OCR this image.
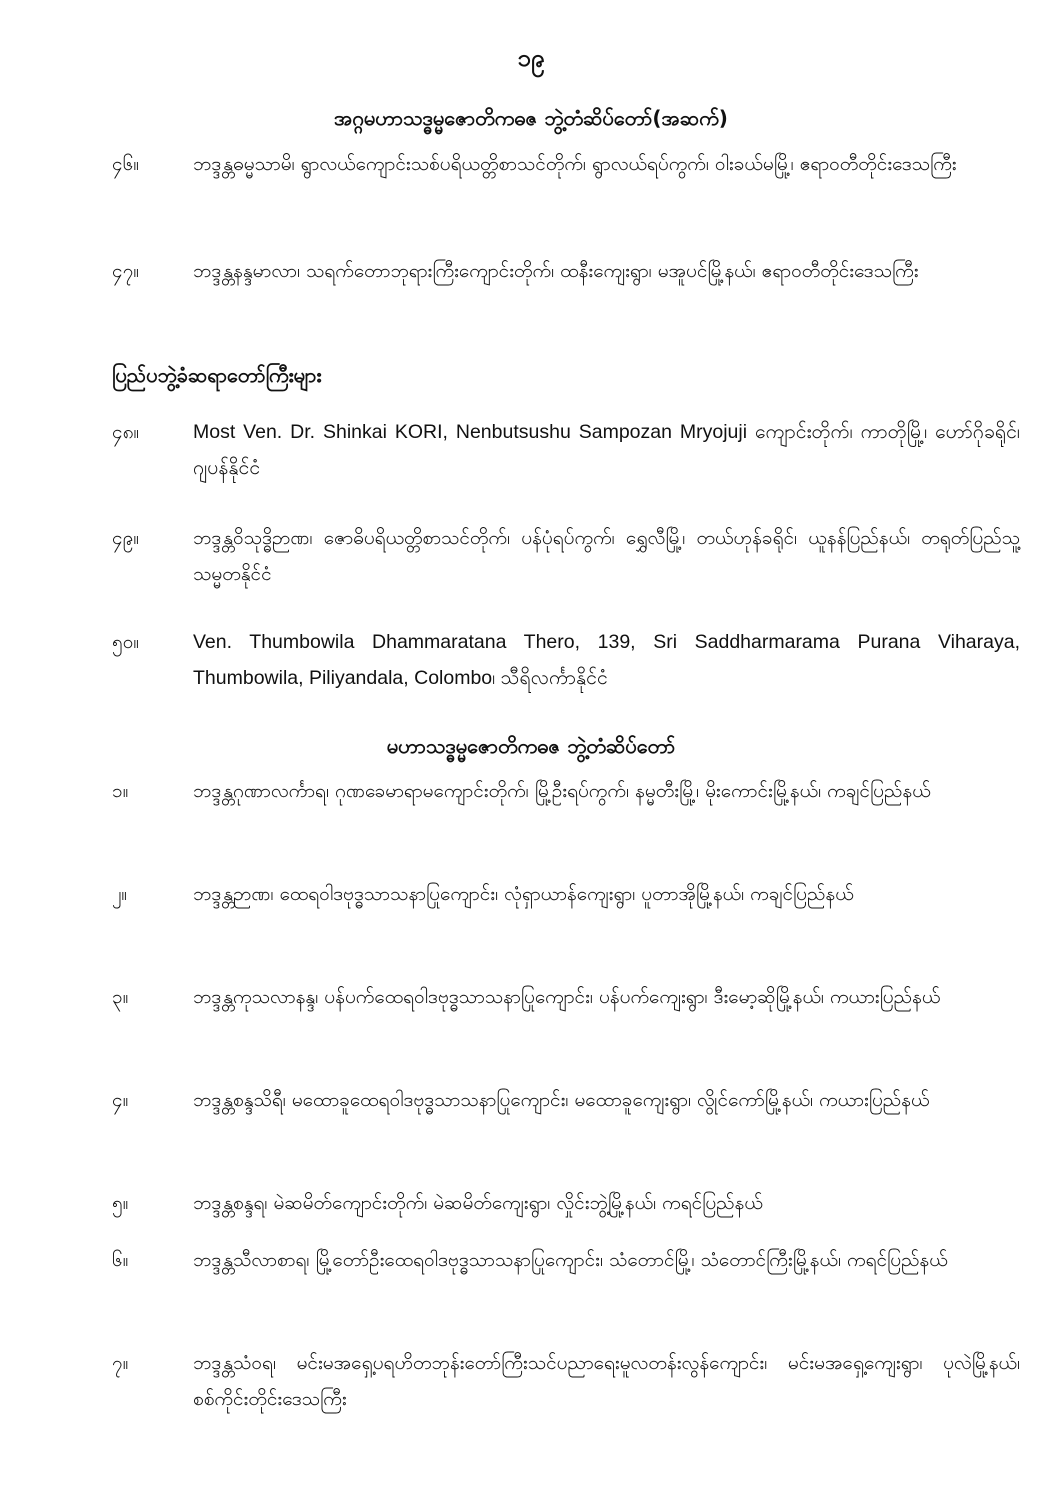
၁၉
အဂ္ဂမဟာသဒ္ဓမ္မဇောတိကဓဇ ဘွဲ့တံဆိပ်တော်(အဆက်)
၄၆။	ဘဒ္ဒန္တဓမ္မသာမိ၊ ရွာလယ်ကျောင်းသစ်ပရိယတ္တိစာသင်တိုက်၊ ရွာလယ်ရပ်ကွက်၊ ဝါးခယ်မမြို့၊ ဧရာဝတီတိုင်းဒေသကြီး
၄၇။	ဘဒ္ဒန္တနန္ဒမာလာ၊ သရက်တောဘုရားကြီးကျောင်းတိုက်၊ ထနီးကျေးရွာ၊ မအူပင်မြို့နယ်၊ ဧရာဝတီတိုင်းဒေသကြီး
ပြည်ပဘွဲ့ခံဆရာတော်ကြီးများ
၄၈။	Most Ven. Dr. Shinkai KORI, Nenbutsushu Sampozan Mryojuji ကျောင်းတိုက်၊ ကာတိုမြို့၊ ဟော်ဂိုခရိုင်၊ ဂျပန်နိုင်ငံ
၄၉။	ဘဒ္ဒန္တဝိသုဒ္ဓိဉာဏ၊ ဇောဓိပရိယတ္တိစာသင်တိုက်၊ ပန်ပုံရပ်ကွက်၊ ရွှေလီမြို့၊ တယ်ဟုန်ခရိုင်၊ ယူနန်ပြည်နယ်၊ တရုတ်ပြည်သူ့သမ္မတနိုင်ငံ
၅၀။	Ven. Thumbowila Dhammaratana Thero, 139, Sri Saddharmarama Purana Viharaya, Thumbowila, Piliyandala, Colombo၊ သီရိလင်္ကာနိုင်ငံ
မဟာသဒ္ဓမ္မဇောတိကဓဇ ဘွဲ့တံဆိပ်တော်
၁။	ဘဒ္ဒန္တဂုဏာလင်္ကာရ၊ ဂုဏခေမာရာမကျောင်းတိုက်၊ မြို့ဦးရပ်ကွက်၊ နမ္မတီးမြို့၊ မိုးကောင်းမြို့နယ်၊ ကချင်ပြည်နယ်
၂။	ဘဒ္ဒန္တဉာဏ၊ ထေရဝါဒဗုဒ္ဓသာသနာပြုကျောင်း၊ လုံရှာယာန်ကျေးရွာ၊ ပူတာအိုမြို့နယ်၊ ကချင်ပြည်နယ်
၃။	ဘဒ္ဒန္တကုသလာနန္ဒ၊ ပန်ပက်ထေရဝါဒဗုဒ္ဓသာသနာပြုကျောင်း၊ ပန်ပက်ကျေးရွာ၊ ဒီးမော့ဆိုမြို့နယ်၊ ကယားပြည်နယ်
၄။	ဘဒ္ဒန္တစန္ဒသိရီ၊ မထောခူထေရဝါဒဗုဒ္ဓသာသနာပြုကျောင်း၊ မထောခူကျေးရွာ၊ လွိုင်ကော်မြို့နယ်၊ ကယားပြည်နယ်
၅။	ဘဒ္ဒန္တစန္ဒရ၊ မဲဆမိတ်ကျောင်းတိုက်၊ မဲဆမိတ်ကျေးရွာ၊ လှိုင်းဘွဲ့မြို့နယ်၊ ကရင်ပြည်နယ်
၆။	ဘဒ္ဒန္တသီလာစာရ၊ မြို့တော်ဦးထေရဝါဒဗုဒ္ဓသာသနာပြုကျောင်း၊ သံတောင်မြို့၊ သံတောင်ကြီးမြို့နယ်၊ ကရင်ပြည်နယ်
၇။	ဘဒ္ဒန္တသံဝရ၊ မင်းမအရှေ့ပရဟိတဘုန်းတော်ကြီးသင်ပညာရေးမူလတန်းလွန်ကျောင်း၊ မင်းမအရှေ့ကျေးရွာ၊ ပုလဲမြို့နယ်၊ စစ်ကိုင်းတိုင်းဒေသကြီး
